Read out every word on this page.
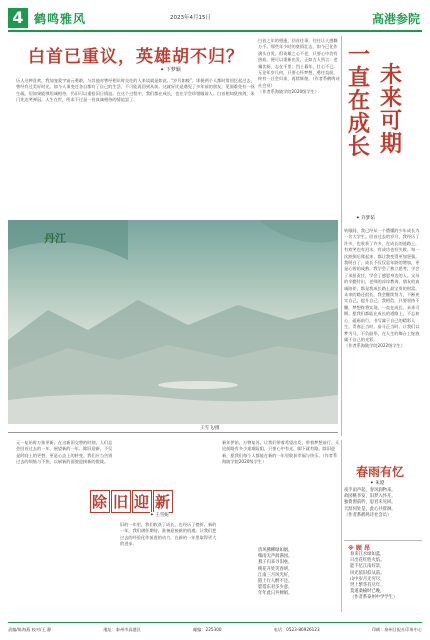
4 鹤鸣雅风	2023年4月15日	高港参院
白首已重议，英雄胡不归？
✦ 下梦颖
历人这种喜欢，我加宠爱宇宙元勇敢，与其他对曾经相识时交往的人来谈就是如此。“岁月如梭”，即便两个人都时常回忆起过去，曾经有过美好时光，如今人事变迁各自都有了自己的生活，不可能再回到从前。这就好比是遇见了多年前的朋友，见面难免有一丝生疏。但如果能够坦诚相待，仍旧可以重拾旧日情谊。在这个过程中，我们都在成长，也在学会珍惜眼前人。白首相知犹按剑，朱门先达笑弹冠。人生在世，所求不过是一份真诚相待的情谊罢了。
白首之年的相逢，回首往事，往往让人感慨万千。那些年少时的豪情壮志，如今已化作满头白发。但英雄之心不老，只要心中仍有热血，便可以重新出发。正如古人所言：老骥伏枥，志在千里；烈士暮年，壮心不已。无论年岁几何，只要心怀梦想，勇往直前，终有一日会归来，再续辉煌。（作者系鹤鸣诗社会员）
（作者系海陵学院2020级学生）
转眼间，我已经从一个懵懂的少年成长为一名大学生。回首过去的岁月，我经历了许多，也收获了许多。在成长的道路上，有欢笑也有泪水，有成功也有失败。每一次跌倒后爬起来，都让我变得更加坚强。我明白了，成长不仅仅是年龄的增加，更是心智的成熟。我学会了独立思考，学会了承担责任，学会了感恩身边的人。父母的辛勤付出，老师的谆谆教诲，朋友的真诚陪伴，都是我成长路上最宝贵的财富。未来的路还很长，我会继续努力，不断充实自己，提升自己。我相信，只要坚持不懈，梦想终将实现。一直在成长，未来可期。愿我们都能在成长的道路上，不忘初心，砥砺前行，书写属于自己的精彩人生。青春正当时，奋斗正当时。让我们以梦为马，不负韶华，在人生的舞台上绽放属于自己的光彩。
（作者系海陵学院2022级学生）
一
直
在
成
长
未
来
可
期
✦ 许梦茹
丹江
王雪飞/摄
元一复始时万象更新。在这新旧交替的时刻，人们总会回首过去的一年，展望新的一年。除旧迎新，不仅是时间上的更替，更是心态上的转变。我们应当告别过去的烦恼与不快，以崭新的面貌迎接新的挑战。
旧的一年里，我们收获了成长，也经历了挫折。新的一年，我们满怀期待，准备迎接新的机遇。让我们把过去的经验化作前进的动力，在新的一年里取得更大的进步。
新年伊始，万物复苏。让我们带着希望出发，带着梦想前行。无论前路有多少艰难险阻，只要心中有光，脚下就有路。除旧迎新，愿我们每个人都能在新的一年里收获幸福与快乐。（作者系海陵学院2020级学生）
除 旧 迎 新
✦ 王雪妮
春雨有忆
✦ 朱澄
夜半雨声起，春风润物来。
故园桃李发，旧梦入怀开。
独倚窗前听，思君未见回。
天涯何处是，此心共徘徊。
（作者系鹤鸣诗社会员）
※ 顾 昂
清风拂柳绿如烟，
细雨无声润满园。
燕子归来寻旧垒，
桃花开处笑春妍。
江南三月风光好，
陌上行人醉不还。
愿借东君多少意，
年年此日共婵娟。
春来江水绿如蓝，
日出花红胜火焰。
能不忆江南好景，
风光依旧似从前。
山中岁月无穷尽，
世上繁华有尽年。
莫道桑榆时已晚，
（作者系泰州中学学生）
责编/陈海燕 校对/王 静	地址：泰州市高港区	邮编：225300	电话：0523-86926123	印刷：泰州日报社印务中心
